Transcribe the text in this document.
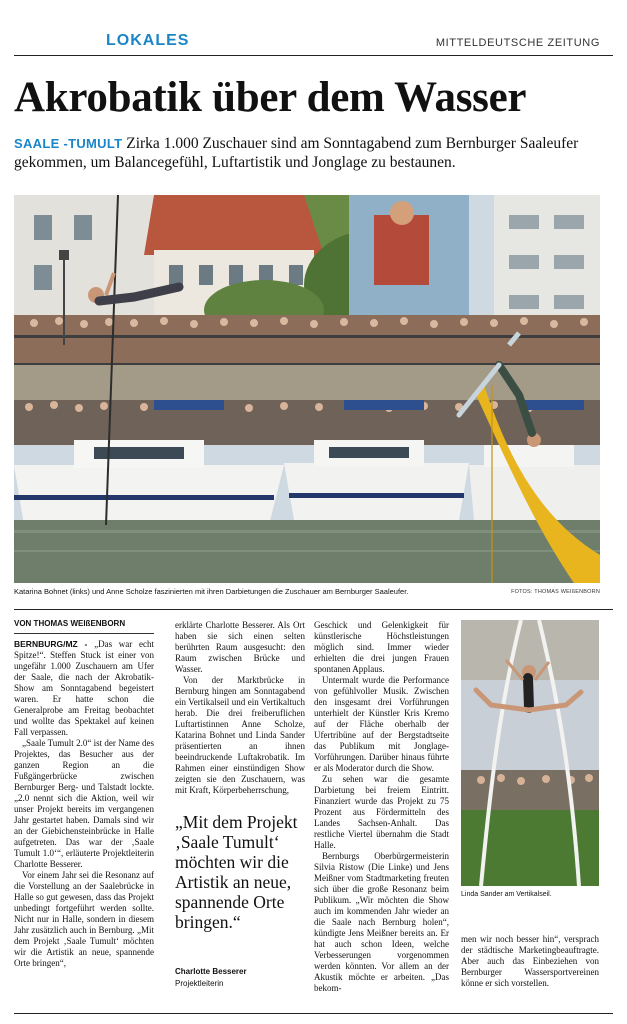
LOKALES	MITTELDEUTSCHE ZEITUNG
Akrobatik über dem Wasser
SAALE -TUMULT Zirka 1.000 Zuschauer sind am Sonntagabend zum Bernburger Saaleufer gekommen, um Balancegefühl, Luftartistik und Jonglage zu bestaunen.
Katarina Bohnet (links) und Anne Scholze faszinierten mit ihren Darbietungen die Zuschauer am Bernburger Saaleufer.	FOTOS: THOMAS WEIßENBORN
VON THOMAS WEIßENBORN

BERNBURG/MZ - „Das war echt Spitze!“. Steffen Stuck ist einer von ungefähr 1.000 Zuschauern am Ufer der Saale, die nach der Akrobatik-Show am Sonntagabend begeistert waren. Er hatte schon die Generalprobe am Freitag beobachtet und wollte das Spektakel auf keinen Fall verpassen.

„Saale Tumult 2.0“ ist der Name des Projektes, das Besucher aus der ganzen Region an die Fußgängerbrücke zwischen Bernburger Berg- und Talstadt lockte. „2.0 nennt sich die Aktion, weil wir unser Projekt bereits im vergangenen Jahr gestartet haben. Damals sind wir an der Giebichensteinbrücke in Halle aufgetreten. Das war der ‚Saale Tumult 1.0‘“, erläuterte Projektleiterin Charlotte Besserer.

Vor einem Jahr sei die Resonanz auf die Vorstellung an der Saalebrücke in Halle so gut gewesen, dass das Projekt unbedingt fortgeführt werden sollte. Nicht nur in Halle, sondern in diesem Jahr zusätzlich auch in Bernburg. „Mit dem Projekt ‚Saale Tumult‘ möchten wir die Artistik an neue, spannende Orte bringen“,

erklärte Charlotte Besserer. Als Ort haben sie sich einen selten berührten Raum ausgesucht: den Raum zwischen Brücke und Wasser.

Von der Marktbrücke in Bernburg hingen am Sonntagabend ein Vertikalseil und ein Vertikaltuch herab. Die drei freiberuflichen Luftartistinnen Anne Scholze, Katarina Bohnet und Linda Sander präsentierten an ihnen beeindruckende Luftakrobatik. Im Rahmen einer einstündigen Show zeigten sie den Zuschauern, was mit Kraft, Körperbeherrschung,

„Mit dem Projekt ‚Saale Tumult‘ möchten wir die Artistik an neue, spannende Orte bringen.“
Charlotte Besserer
Projektleiterin

Geschick und Gelenkigkeit für künstlerische Höchstleistungen möglich sind. Immer wieder erhielten die drei jungen Frauen spontanen Applaus.

Untermalt wurde die Performance von gefühlvoller Musik. Zwischen den insgesamt drei Vorführungen unterhielt der Künstler Kris Kremo auf der Fläche oberhalb der Ufertribüne auf der Bergstadtseite das Publikum mit Jonglage-Vorführungen. Darüber hinaus führte er als Moderator durch die Show.

Zu sehen war die gesamte Darbietung bei freiem Eintritt. Finanziert wurde das Projekt zu 75 Prozent aus Fördermitteln des Landes Sachsen-Anhalt. Das restliche Viertel übernahm die Stadt Halle.

Bernburgs Oberbürgermeisterin Silvia Ristow (Die Linke) und Jens Meißner vom Stadtmarketing freuten sich über die große Resonanz beim Publikum. „Wir möchten die Show auch im kommenden Jahr wieder an die Saale nach Bernburg holen“, kündigte Jens Meißner bereits an. Er hat auch schon Ideen, welche Verbesserungen vorgenommen werden könnten. Vor allem an der Akustik möchte er arbeiten. „Das bekom-

Linda Sander am Vertikalseil.

men wir noch besser hin“, versprach der städtische Marketingbeauftragte. Aber auch das Einbeziehen von Bernburger Wassersportvereinen könne er sich vorstellen.
